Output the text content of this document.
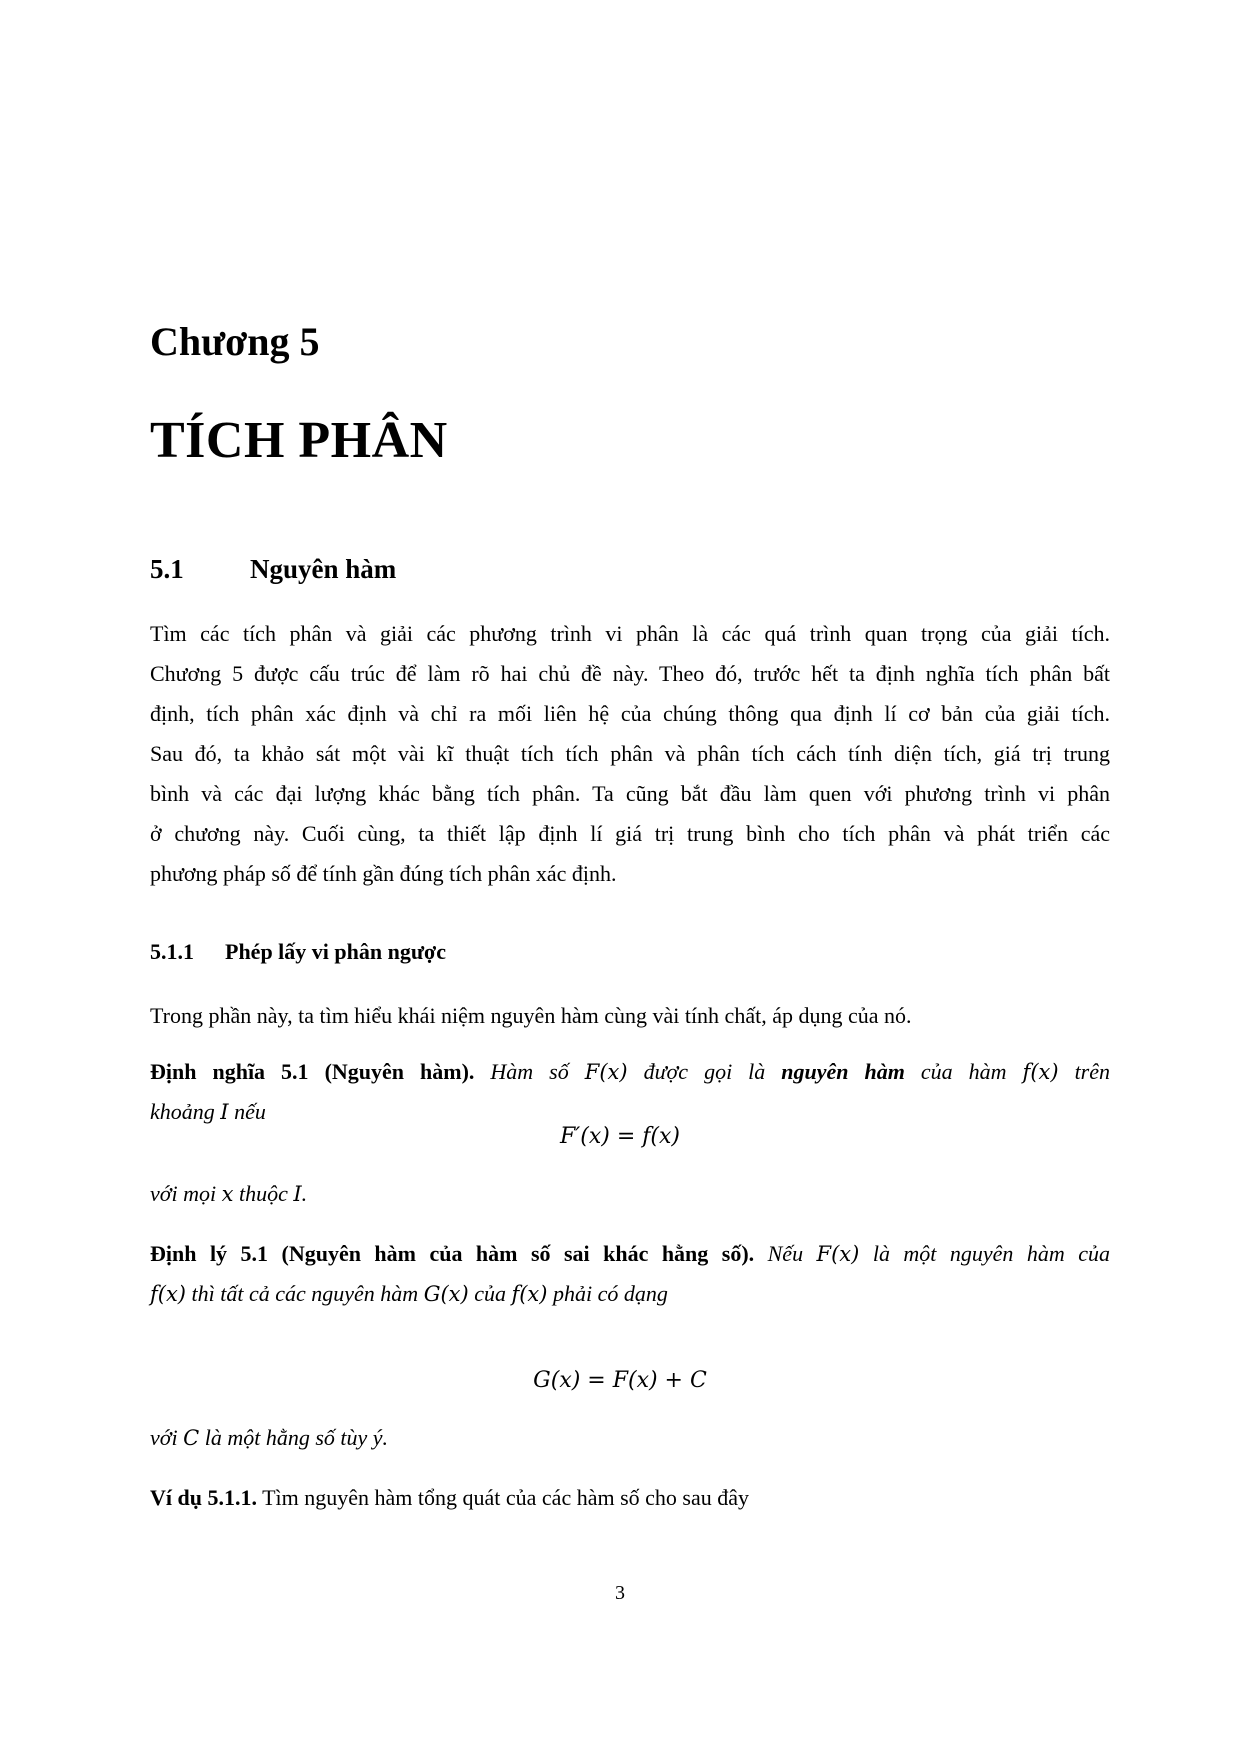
Chương 5
TÍCH PHÂN
5.1 Nguyên hàm
Tìm các tích phân và giải các phương trình vi phân là các quá trình quan trọng của giải tích.
Chương 5 được cấu trúc để làm rõ hai chủ đề này. Theo đó, trước hết ta định nghĩa tích phân bất
định, tích phân xác định và chỉ ra mối liên hệ của chúng thông qua định lí cơ bản của giải tích.
Sau đó, ta khảo sát một vài kĩ thuật tích tích phân và phân tích cách tính diện tích, giá trị trung
bình và các đại lượng khác bằng tích phân. Ta cũng bắt đầu làm quen với phương trình vi phân
ở chương này. Cuối cùng, ta thiết lập định lí giá trị trung bình cho tích phân và phát triển các
phương pháp số để tính gần đúng tích phân xác định.
5.1.1 Phép lấy vi phân ngược
Trong phần này, ta tìm hiểu khái niệm nguyên hàm cùng vài tính chất, áp dụng của nó.
Định nghĩa 5.1 (Nguyên hàm). Hàm số F(x) được gọi là nguyên hàm của hàm f(x) trên
khoảng I nếu
F′(x) = f(x)
với mọi x thuộc I.
Định lý 5.1 (Nguyên hàm của hàm số sai khác hằng số). Nếu F(x) là một nguyên hàm của
f(x) thì tất cả các nguyên hàm G(x) của f(x) phải có dạng
G(x) = F(x) + C
với C là một hằng số tùy ý.
Ví dụ 5.1.1. Tìm nguyên hàm tổng quát của các hàm số cho sau đây
3
